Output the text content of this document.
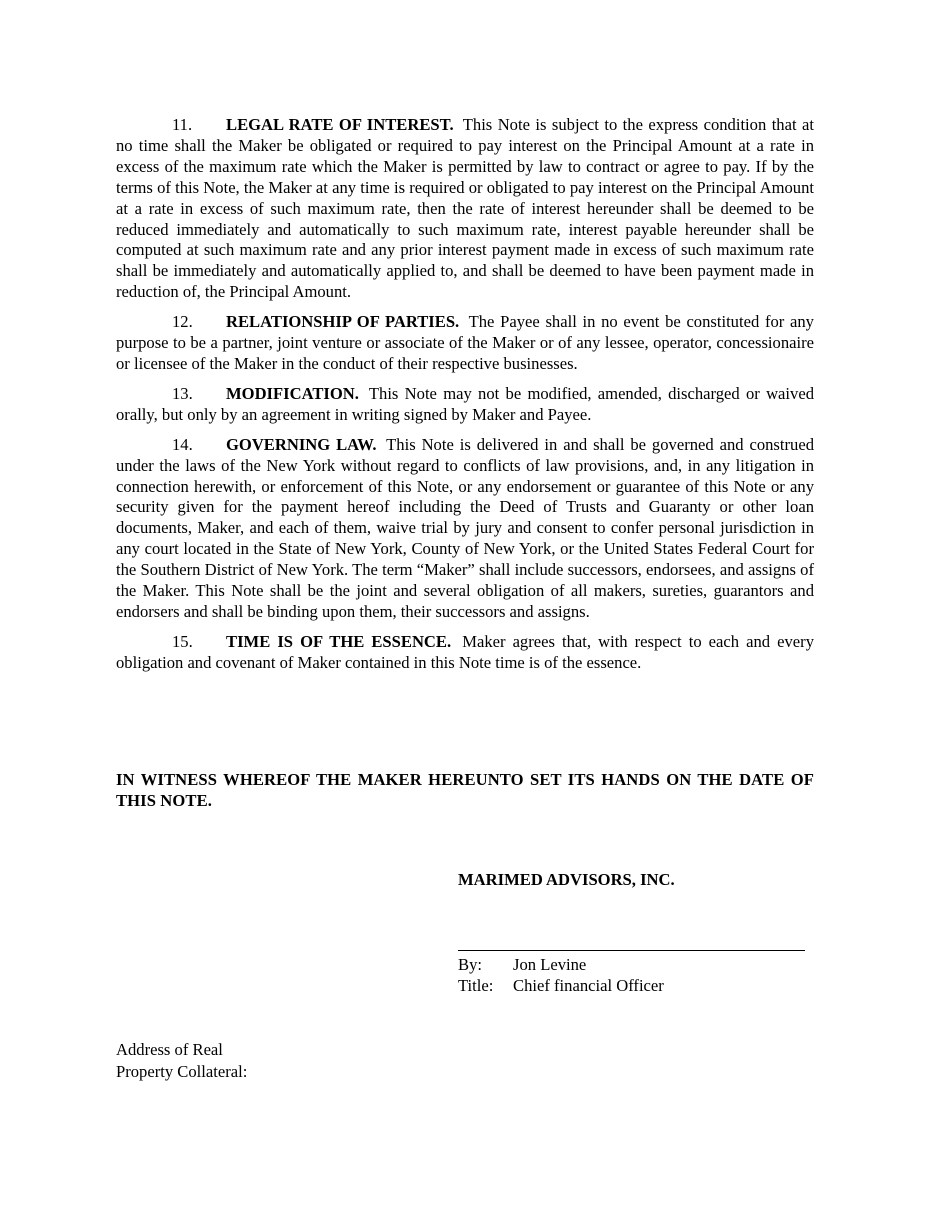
11. LEGAL RATE OF INTEREST. This Note is subject to the express condition that at no time shall the Maker be obligated or required to pay interest on the Principal Amount at a rate in excess of the maximum rate which the Maker is permitted by law to contract or agree to pay. If by the terms of this Note, the Maker at any time is required or obligated to pay interest on the Principal Amount at a rate in excess of such maximum rate, then the rate of interest hereunder shall be deemed to be reduced immediately and automatically to such maximum rate, interest payable hereunder shall be computed at such maximum rate and any prior interest payment made in excess of such maximum rate shall be immediately and automatically applied to, and shall be deemed to have been payment made in reduction of, the Principal Amount.

12. RELATIONSHIP OF PARTIES. The Payee shall in no event be constituted for any purpose to be a partner, joint venture or associate of the Maker or of any lessee, operator, concessionaire or licensee of the Maker in the conduct of their respective businesses.

13. MODIFICATION. This Note may not be modified, amended, discharged or waived orally, but only by an agreement in writing signed by Maker and Payee.

14. GOVERNING LAW. This Note is delivered in and shall be governed and construed under the laws of the New York without regard to conflicts of law provisions, and, in any litigation in connection herewith, or enforcement of this Note, or any endorsement or guarantee of this Note or any security given for the payment hereof including the Deed of Trusts and Guaranty or other loan documents, Maker, and each of them, waive trial by jury and consent to confer personal jurisdiction in any court located in the State of New York, County of New York, or the United States Federal Court for the Southern District of New York. The term “Maker” shall include successors, endorsees, and assigns of the Maker. This Note shall be the joint and several obligation of all makers, sureties, guarantors and endorsers and shall be binding upon them, their successors and assigns.

15. TIME IS OF THE ESSENCE. Maker agrees that, with respect to each and every obligation and covenant of Maker contained in this Note time is of the essence.

IN WITNESS WHEREOF THE MAKER HEREUNTO SET ITS HANDS ON THE DATE OF THIS NOTE.
MARIMED ADVISORS, INC.
By:	Jon Levine
Title:	Chief financial Officer
Address of Real
Property Collateral:
